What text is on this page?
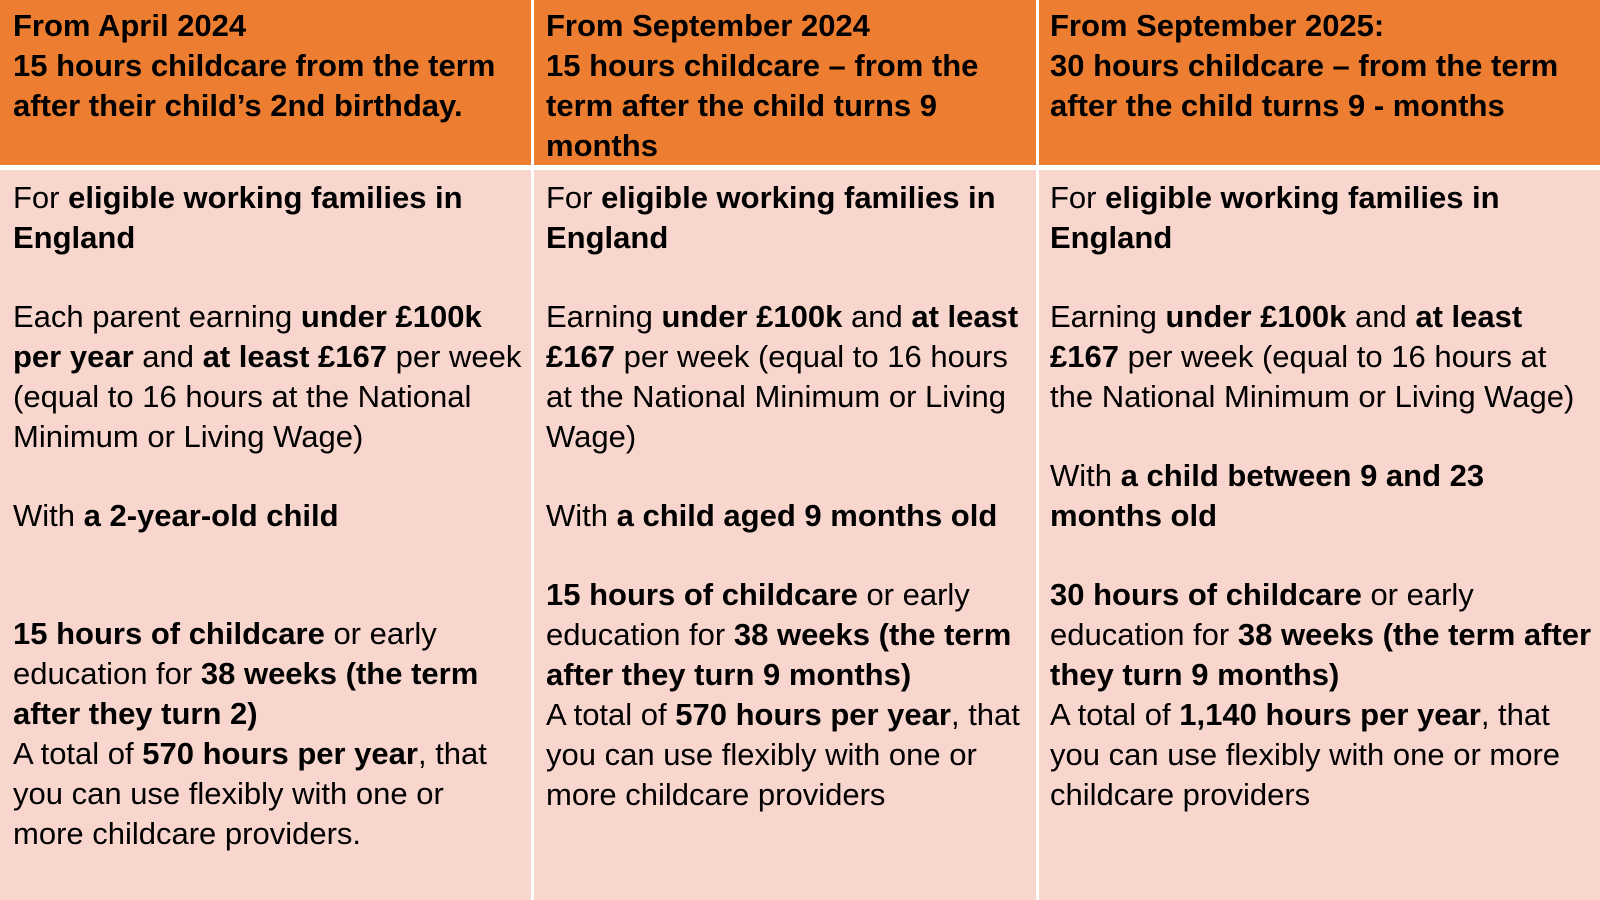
From April 2024
15 hours childcare from the term after their child’s 2nd birthday.
From September 2024
15 hours childcare – from the term after the child turns 9 months
From September 2025:
30 hours childcare – from the term after the child turns 9 - months

For eligible working families in England

Each parent earning under £100k per year and at least £167 per week (equal to 16 hours at the National Minimum or Living Wage)

With a 2-year-old child

15 hours of childcare or early education for 38 weeks (the term after they turn 2)

A total of 570 hours per year, that you can use flexibly with one or more childcare providers.

For eligible working families in England

Earning under £100k and at least £167 per week (equal to 16 hours at the National Minimum or Living Wage)

With a child aged 9 months old

15 hours of childcare or early education for 38 weeks (the term after they turn 9 months)

A total of 570 hours per year, that you can use flexibly with one or more childcare providers

For eligible working families in England

Earning under £100k and at least £167 per week (equal to 16 hours at the National Minimum or Living Wage)

With a child between 9 and 23 months old

30 hours of childcare or early education for 38 weeks (the term after they turn 9 months)

A total of 1,140 hours per year, that you can use flexibly with one or more childcare providers
